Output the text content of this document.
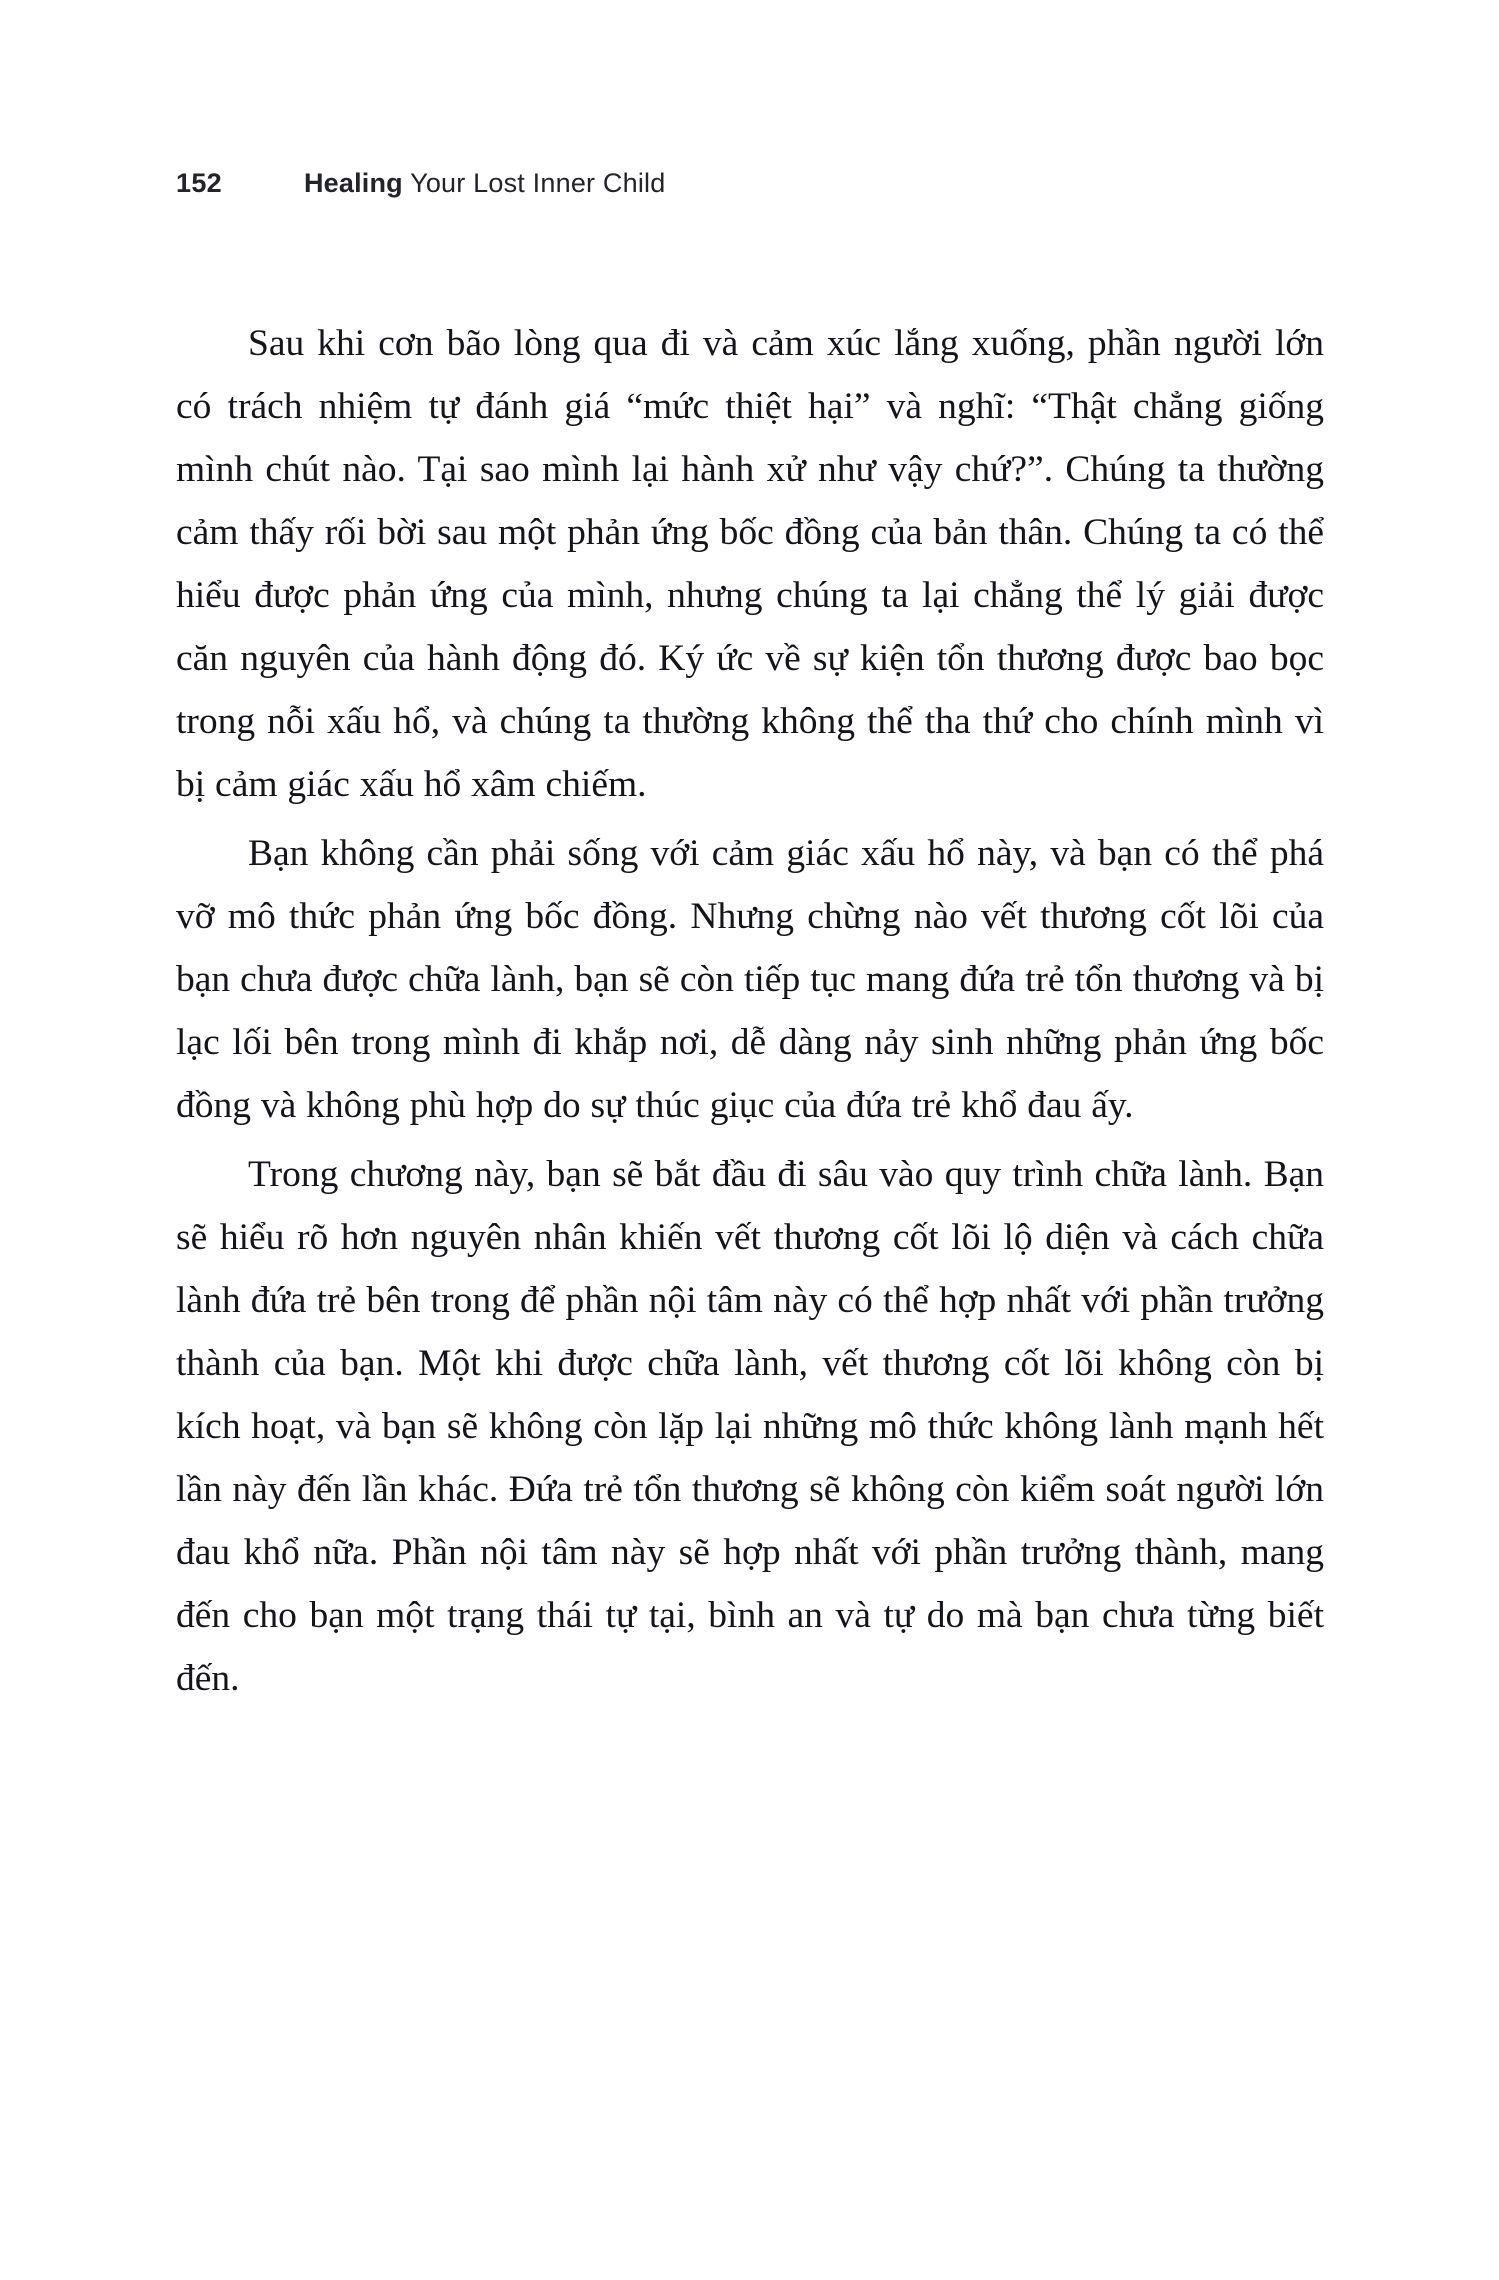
152	Healing Your Lost Inner Child

Sau khi cơn bão lòng qua đi và cảm xúc lắng xuống, phần người lớn có trách nhiệm tự đánh giá “mức thiệt hại” và nghĩ: “Thật chẳng giống mình chút nào. Tại sao mình lại hành xử như vậy chứ?”. Chúng ta thường cảm thấy rối bời sau một phản ứng bốc đồng của bản thân. Chúng ta có thể hiểu được phản ứng của mình, nhưng chúng ta lại chẳng thể lý giải được căn nguyên của hành động đó. Ký ức về sự kiện tổn thương được bao bọc trong nỗi xấu hổ, và chúng ta thường không thể tha thứ cho chính mình vì bị cảm giác xấu hổ xâm chiếm.

Bạn không cần phải sống với cảm giác xấu hổ này, và bạn có thể phá vỡ mô thức phản ứng bốc đồng. Nhưng chừng nào vết thương cốt lõi của bạn chưa được chữa lành, bạn sẽ còn tiếp tục mang đứa trẻ tổn thương và bị lạc lối bên trong mình đi khắp nơi, dễ dàng nảy sinh những phản ứng bốc đồng và không phù hợp do sự thúc giục của đứa trẻ khổ đau ấy.

Trong chương này, bạn sẽ bắt đầu đi sâu vào quy trình chữa lành. Bạn sẽ hiểu rõ hơn nguyên nhân khiến vết thương cốt lõi lộ diện và cách chữa lành đứa trẻ bên trong để phần nội tâm này có thể hợp nhất với phần trưởng thành của bạn. Một khi được chữa lành, vết thương cốt lõi không còn bị kích hoạt, và bạn sẽ không còn lặp lại những mô thức không lành mạnh hết lần này đến lần khác. Đứa trẻ tổn thương sẽ không còn kiểm soát người lớn đau khổ nữa. Phần nội tâm này sẽ hợp nhất với phần trưởng thành, mang đến cho bạn một trạng thái tự tại, bình an và tự do mà bạn chưa từng biết đến.
